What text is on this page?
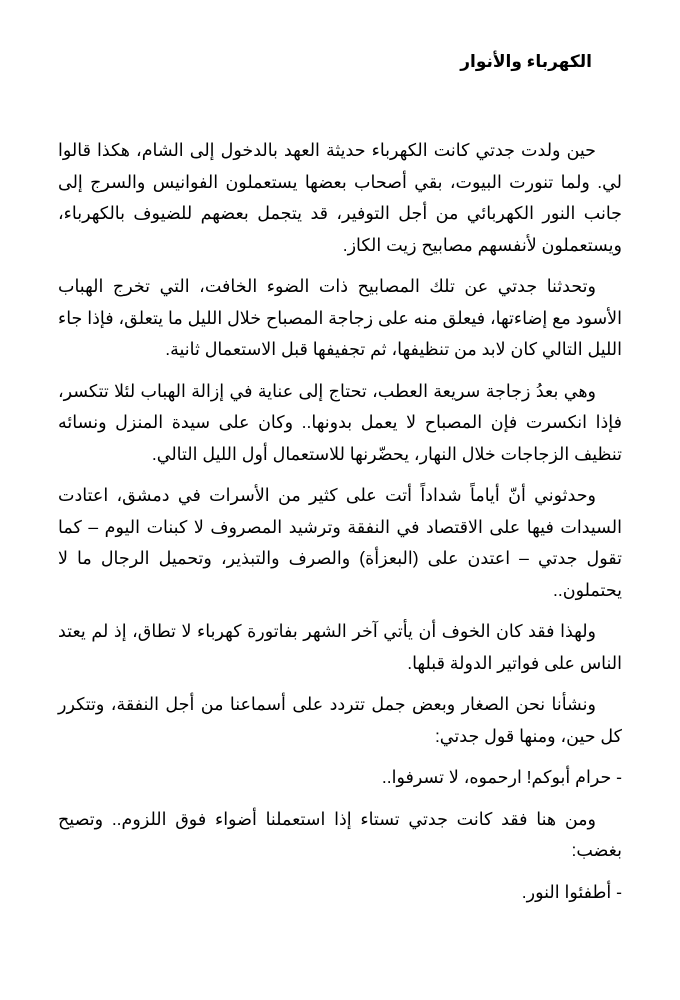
الكهرباء والأنوار

حين ولدت جدتي كانت الكهرباء حديثة العهد بالدخول إلى الشام، هكذا قالوا لي. ولما تنورت البيوت، بقي أصحاب بعضها يستعملون الفوانيس والسرج إلى جانب النور الكهربائي من أجل التوفير، قد يتجمل بعضهم للضيوف بالكهرباء، ويستعملون لأنفسهم مصابيح زيت الكاز.

وتحدثنا جدتي عن تلك المصابيح ذات الضوء الخافت، التي تخرج الهباب الأسود مع إضاءتها، فيعلق منه على زجاجة المصباح خلال الليل ما يتعلق، فإذا جاء الليل التالي كان لابد من تنظيفها، ثم تجفيفها قبل الاستعمال ثانية.

وهي بعدُ زجاجة سريعة العطب، تحتاج إلى عناية في إزالة الهباب لئلا تتكسر، فإذا انكسرت فإن المصباح لا يعمل بدونها.. وكان على سيدة المنزل ونسائه تنظيف الزجاجات خلال النهار، يحضّرنها للاستعمال أول الليل التالي.

وحدثوني أنّ أياماً شداداً أتت على كثير من الأسرات في دمشق، اعتادت السيدات فيها على الاقتصاد في النفقة وترشيد المصروف لا كبنات اليوم – كما تقول جدتي – اعتدن على (البعزأة) والصرف والتبذير، وتحميل الرجال ما لا يحتملون..

ولهذا فقد كان الخوف أن يأتي آخر الشهر بفاتورة كهرباء لا تطاق، إذ لم يعتد الناس على فواتير الدولة قبلها.

ونشأنا نحن الصغار وبعض جمل تتردد على أسماعنا من أجل النفقة، وتتكرر كل حين، ومنها قول جدتي:

- حرام أبوكم! ارحموه، لا تسرفوا..

ومن هنا فقد كانت جدتي تستاء إذا استعملنا أضواء فوق اللزوم.. وتصيح بغضب:

- أطفئوا النور.
